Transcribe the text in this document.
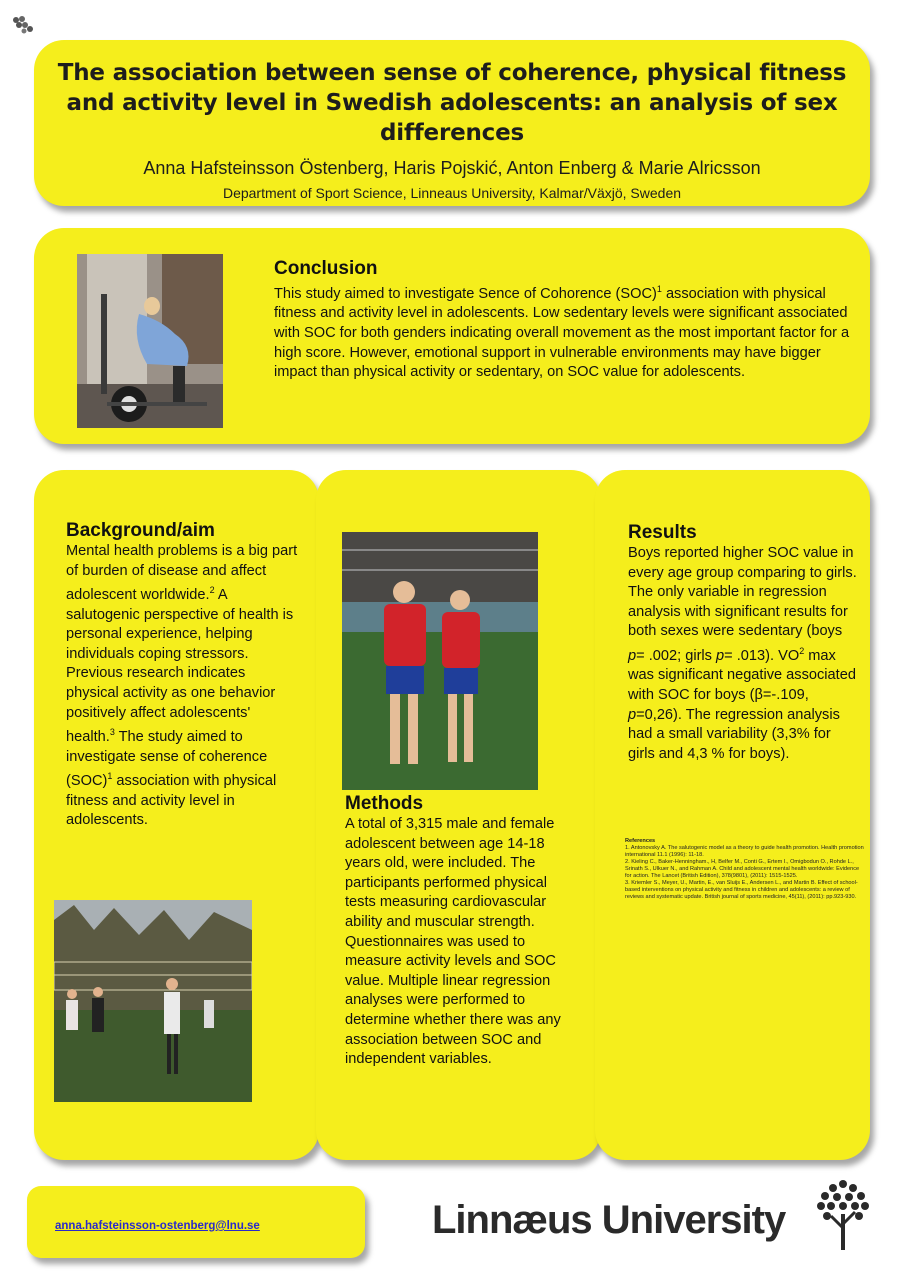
The association between sense of coherence, physical fitness and activity level in Swedish adolescents: an analysis of sex differences
Anna Hafsteinsson Östenberg, Haris Pojskić, Anton Enberg & Marie Alricsson
Department of Sport Science, Linneaus University, Kalmar/Växjö, Sweden
Conclusion

This study aimed to investigate Sence of Cohorence (SOC)$^1$ association with physical fitness and activity level in adolescents. Low sedentary levels were significant associated with SOC for both genders indicating overall movement as the most important factor for a high score. However, emotional support in vulnerable environments may have bigger impact than physical activity or sedentary, on SOC value for adolescents.

Background/aim

Mental health problems is a big part of burden of disease and affect adolescent worldwide.$^2$ A salutogenic perspective of health is personal experience, helping individuals coping stressors. Previous research indicates physical activity as one behavior positively affect adolescents' health.$^3$ The study aimed to investigate sense of coherence (SOC)$^1$ association with physical fitness and activity level in adolescents.

Methods

A total of 3,315 male and female adolescent between age 14-18 years old, were included. The participants performed physical tests measuring cardiovascular ability and muscular strength. Questionnaires was used to measure activity levels and SOC value. Multiple linear regression analyses were performed to determine whether there was any association between SOC and independent variables.

Results

Boys reported higher SOC value in every age group comparing to girls. The only variable in regression analysis with significant results for both sexes were sedentary (boys p= .002; girls p= .013). $VO^2$ max was significant negative associated with SOC for boys (β=-.109, p=0,26). The regression analysis had a small variability (3,3% for girls and 4,3 % for boys).

References
1. Antonovsky A. The salutogenic model as a theory to guide health promotion. Health promotion international 11.1 (1996): 11-18.
2. Kieling C., Baker-Henningham., H, Belfer M., Conti G., Ertem I., Omigbodun O., Rohde L., Srinath S., Ulkuer N., and Rahman A. Child and adolescent mental health worldwide: Evidence for action. The Lancet (British Edition), 378(9801), (2011): 1515-1525.
3. Kriemler S., Meyer, U., Martin, E., van Sluijs E., Andersen L., and Martin B. Effect of school-based interventions on physical activity and fitness in children and adolescents: a review of reviews and systematic update. British journal of sports medicine, 45(11), (2011): pp.923-930.
anna.hafsteinsson-ostenberg@lnu.se	Linnæus University
